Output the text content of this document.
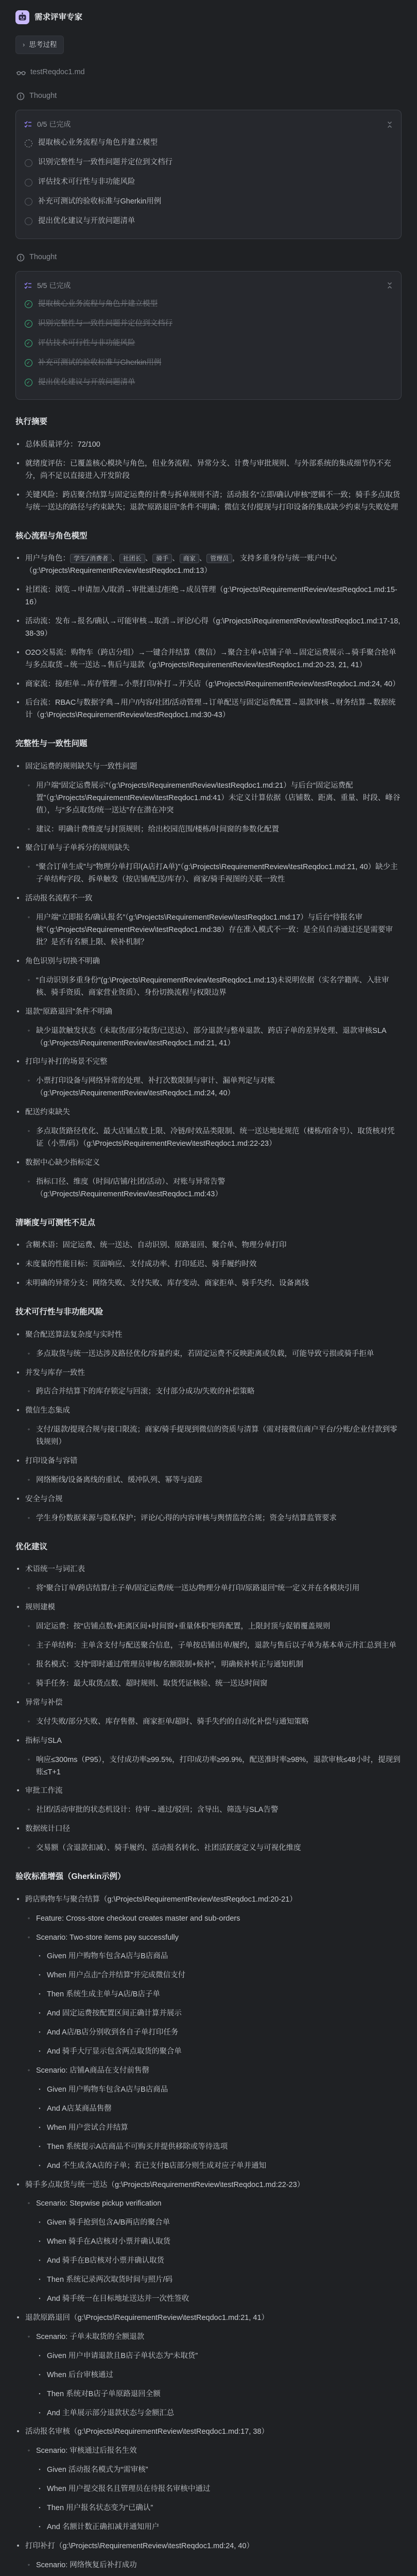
需求评审专家
› 思考过程
testReqdoc1.md
Thought
0/5 已完成
提取核心业务流程与角色并建立模型
识别完整性与一致性问题并定位到文档行
评估技术可行性与非功能风险
补充可测试的验收标准与Gherkin用例
提出优化建议与开放问题清单
Thought
5/5 已完成
✓ 提取核心业务流程与角色并建立模型
✓ 识别完整性与一致性问题并定位到文档行
✓ 评估技术可行性与非功能风险
✓ 补充可测试的验收标准与Gherkin用例
✓ 提出优化建议与开放问题清单
执行摘要
• 总体质量评分：72/100
• 就绪度评估：已覆盖核心模块与角色，但业务流程、异常分支、计费与审批规则、与外部系统的集成细节仍不充分，尚不足以直接进入开发阶段
• 关键风险：跨店聚合结算与固定运费的计费与拆单规则不清；活动报名“立即/确认/审核”逻辑不一致；骑手多点取货与统一送达的路径与约束缺失；退款“原路退回”条件不明确；微信支付/提现与打印设备的集成缺少约束与失败处理
核心流程与角色模型
• 用户与角色： 学生/消费者 、 社团长 、 骑手 、 商家 、 管理员 ，支持多重身份与统一账户中心（g:\Projects\RequirementReview\testReqdoc1.md:13）
• 社团流：浏览→申请加入/取消→审批通过/拒绝→成员管理（g:\Projects\RequirementReview\testReqdoc1.md:15-16）
• 活动流：发布→报名/确认→可能审核→取消→评论/心得（g:\Projects\RequirementReview\testReqdoc1.md:17-18, 38-39）
• O2O交易流：购物车（跨店分组）→一键合并结算（微信）→聚合主单+店铺子单→固定运费展示→骑手聚合抢单与多点取货→统一送达→售后与退款（g:\Projects\RequirementReview\testReqdoc1.md:20-23, 21, 41）
• 商家流：接/拒单→库存管理→小票打印/补打→开关店（g:\Projects\RequirementReview\testReqdoc1.md:24, 40）
• 后台流：RBAC与数据字典→用户/内容/社团/活动管理→订单配送与固定运费配置→退款审核→财务结算→数据统计（g:\Projects\RequirementReview\testReqdoc1.md:30-43）
完整性与一致性问题
• 固定运费的规则缺失与一致性问题
◦ 用户端“固定运费展示”（g:\Projects\RequirementReview\testReqdoc1.md:21）与后台“固定运费配置”（g:\Projects\RequirementReview\testReqdoc1.md:41）未定义计算依据（店铺数、距离、重量、时段、峰谷值），与“多点取货/统一送达”存在潜在冲突
◦ 建议：明确计费维度与封顶规则；给出校园范围/楼栋/时间窗的参数化配置
• 聚合订单与子单拆分的规则缺失
◦ “聚合订单生成”与“物理分单打印(A店打A单)”（g:\Projects\RequirementReview\testReqdoc1.md:21, 40）缺少主子单结构字段、拆单触发（按店铺/配送/库存）、商家/骑手视图的关联一致性
• 活动报名流程不一致
◦ 用户端“立即报名/确认报名”（g:\Projects\RequirementReview\testReqdoc1.md:17）与后台“待报名审核”（g:\Projects\RequirementReview\testReqdoc1.md:38）存在准入模式不一致：是全员自动通过还是需要审批？是否有名额上限、候补机制？
• 角色识别与切换不明确
◦ “自动识别多重身份”(g:\Projects\RequirementReview\testReqdoc1.md:13)未说明依据（实名学籍库、入驻审核、骑手资质、商家营业资质）、身份切换流程与权限边界
• 退款“原路退回”条件不明确
◦ 缺少退款触发状态（未取货/部分取货/已送达）、部分退款与整单退款、跨店子单的差异处理、退款审核SLA（g:\Projects\RequirementReview\testReqdoc1.md:21, 41）
• 打印与补打的场景不完整
◦ 小票打印设备与网络异常的处理、补打次数限制与审计、漏单判定与对账（g:\Projects\RequirementReview\testReqdoc1.md:24, 40）
• 配送约束缺失
◦ 多点取货路径优化、最大店铺点数上限、冷链/时效品类限制、统一送达地址规范（楼栋/宿舍号）、取货核对凭证（小票/码）（g:\Projects\RequirementReview\testReqdoc1.md:22-23）
• 数据中心缺少指标定义
◦ 指标口径、维度（时间/店铺/社团/活动）、对账与异常告警（g:\Projects\RequirementReview\testReqdoc1.md:43）
清晰度与可测性不足点
• 含糊术语：固定运费、统一送达、自动识别、原路退回、聚合单、物理分单打印
• 未度量的性能目标：页面响应、支付成功率、打印延迟、骑手履约时效
• 未明确的异常分支：网络失败、支付失败、库存变动、商家拒单、骑手失约、设备离线
技术可行性与非功能风险
• 聚合配送算法复杂度与实时性
◦ 多点取货与统一送达涉及路径优化/容量约束，若固定运费不反映距离或负载，可能导致亏损或骑手拒单
• 并发与库存一致性
◦ 跨店合并结算下的库存锁定与回滚；支付部分成功/失败的补偿策略
• 微信生态集成
◦ 支付/退款/提现合规与接口限流；商家/骑手提现到微信的资质与清算（需对接微信商户平台/分账/企业付款到零钱规则）
• 打印设备与容错
◦ 网络断线/设备离线的重试、缓冲队列、幂等与追踪
• 安全与合规
◦ 学生身份数据来源与隐私保护；评论/心得的内容审核与舆情监控合规；资金与结算监管要求
优化建议
• 术语统一与词汇表
◦ 将“聚合订单/跨店结算/主子单/固定运费/统一送达/物理分单打印/原路退回”统一定义并在各模块引用
• 规则建模
◦ 固定运费：按“店铺点数+距离区间+时间窗+重量体积”矩阵配置，上限封顶与促销覆盖规则
◦ 主子单结构：主单含支付与配送聚合信息，子单按店铺出单/履约，退款与售后以子单为基本单元并汇总到主单
◦ 报名模式：支持“即时通过/管理员审核/名额限制+候补”，明确候补转正与通知机制
◦ 骑手任务：最大取货点数、超时规则、取货凭证核验、统一送达时间窗
• 异常与补偿
◦ 支付失败/部分失败、库存售罄、商家拒单/超时、骑手失约的自动化补偿与通知策略
• 指标与SLA
◦ 响应≤300ms（P95），支付成功率≥99.5%，打印成功率≥99.9%，配送准时率≥98%，退款审核≤48小时，提现到账≤T+1
• 审批工作流
◦ 社团/活动审批的状态机设计：待审→通过/驳回；含导出、筛选与SLA告警
• 数据统计口径
◦ 交易额（含退款扣减）、骑手履约、活动报名转化、社团活跃度定义与可视化维度
验收标准增强（Gherkin示例）
• 跨店购物车与聚合结算（g:\Projects\RequirementReview\testReqdoc1.md:20-21）
◦ Feature: Cross-store checkout creates master and sub-orders
◦ Scenario: Two-store items pay successfully
▪ Given 用户购物车包含A店与B店商品
▪ When 用户点击“合并结算”并完成微信支付
▪ Then 系统生成主单与A店/B店子单
▪ And 固定运费按配置区间正确计算并展示
▪ And A店/B店分别收到各自子单打印任务
▪ And 骑手大厅显示包含两点取货的聚合单
◦ Scenario: 店铺A商品在支付前售罄
▪ Given 用户购物车包含A店与B店商品
▪ And A店某商品售罄
▪ When 用户尝试合并结算
▪ Then 系统提示A店商品不可购买并提供移除或等待选项
▪ And 不生成含A店的子单；若已支付B店部分则生成对应子单并通知
• 骑手多点取货与统一送达（g:\Projects\RequirementReview\testReqdoc1.md:22-23）
◦ Scenario: Stepwise pickup verification
▪ Given 骑手抢到包含A/B两店的聚合单
▪ When 骑手在A店核对小票并确认取货
▪ And 骑手在B店核对小票并确认取货
▪ Then 系统记录两次取货时间与照片/码
▪ And 骑手统一在目标地址送达并一次性签收
• 退款原路退回（g:\Projects\RequirementReview\testReqdoc1.md:21, 41）
◦ Scenario: 子单未取货的全额退款
▪ Given 用户申请退款且B店子单状态为“未取货”
▪ When 后台审核通过
▪ Then 系统对B店子单原路退回全额
▪ And 主单展示部分退款状态与金额汇总
• 活动报名审核（g:\Projects\RequirementReview\testReqdoc1.md:17, 38）
◦ Scenario: 审核通过后报名生效
▪ Given 活动报名模式为“需审核”
▪ When 用户提交报名且管理员在待报名审核中通过
▪ Then 用户报名状态变为“已确认”
▪ And 名额计数正确扣减并通知用户
• 打印补打（g:\Projects\RequirementReview\testReqdoc1.md:24, 40）
◦ Scenario: 网络恢复后补打成功
